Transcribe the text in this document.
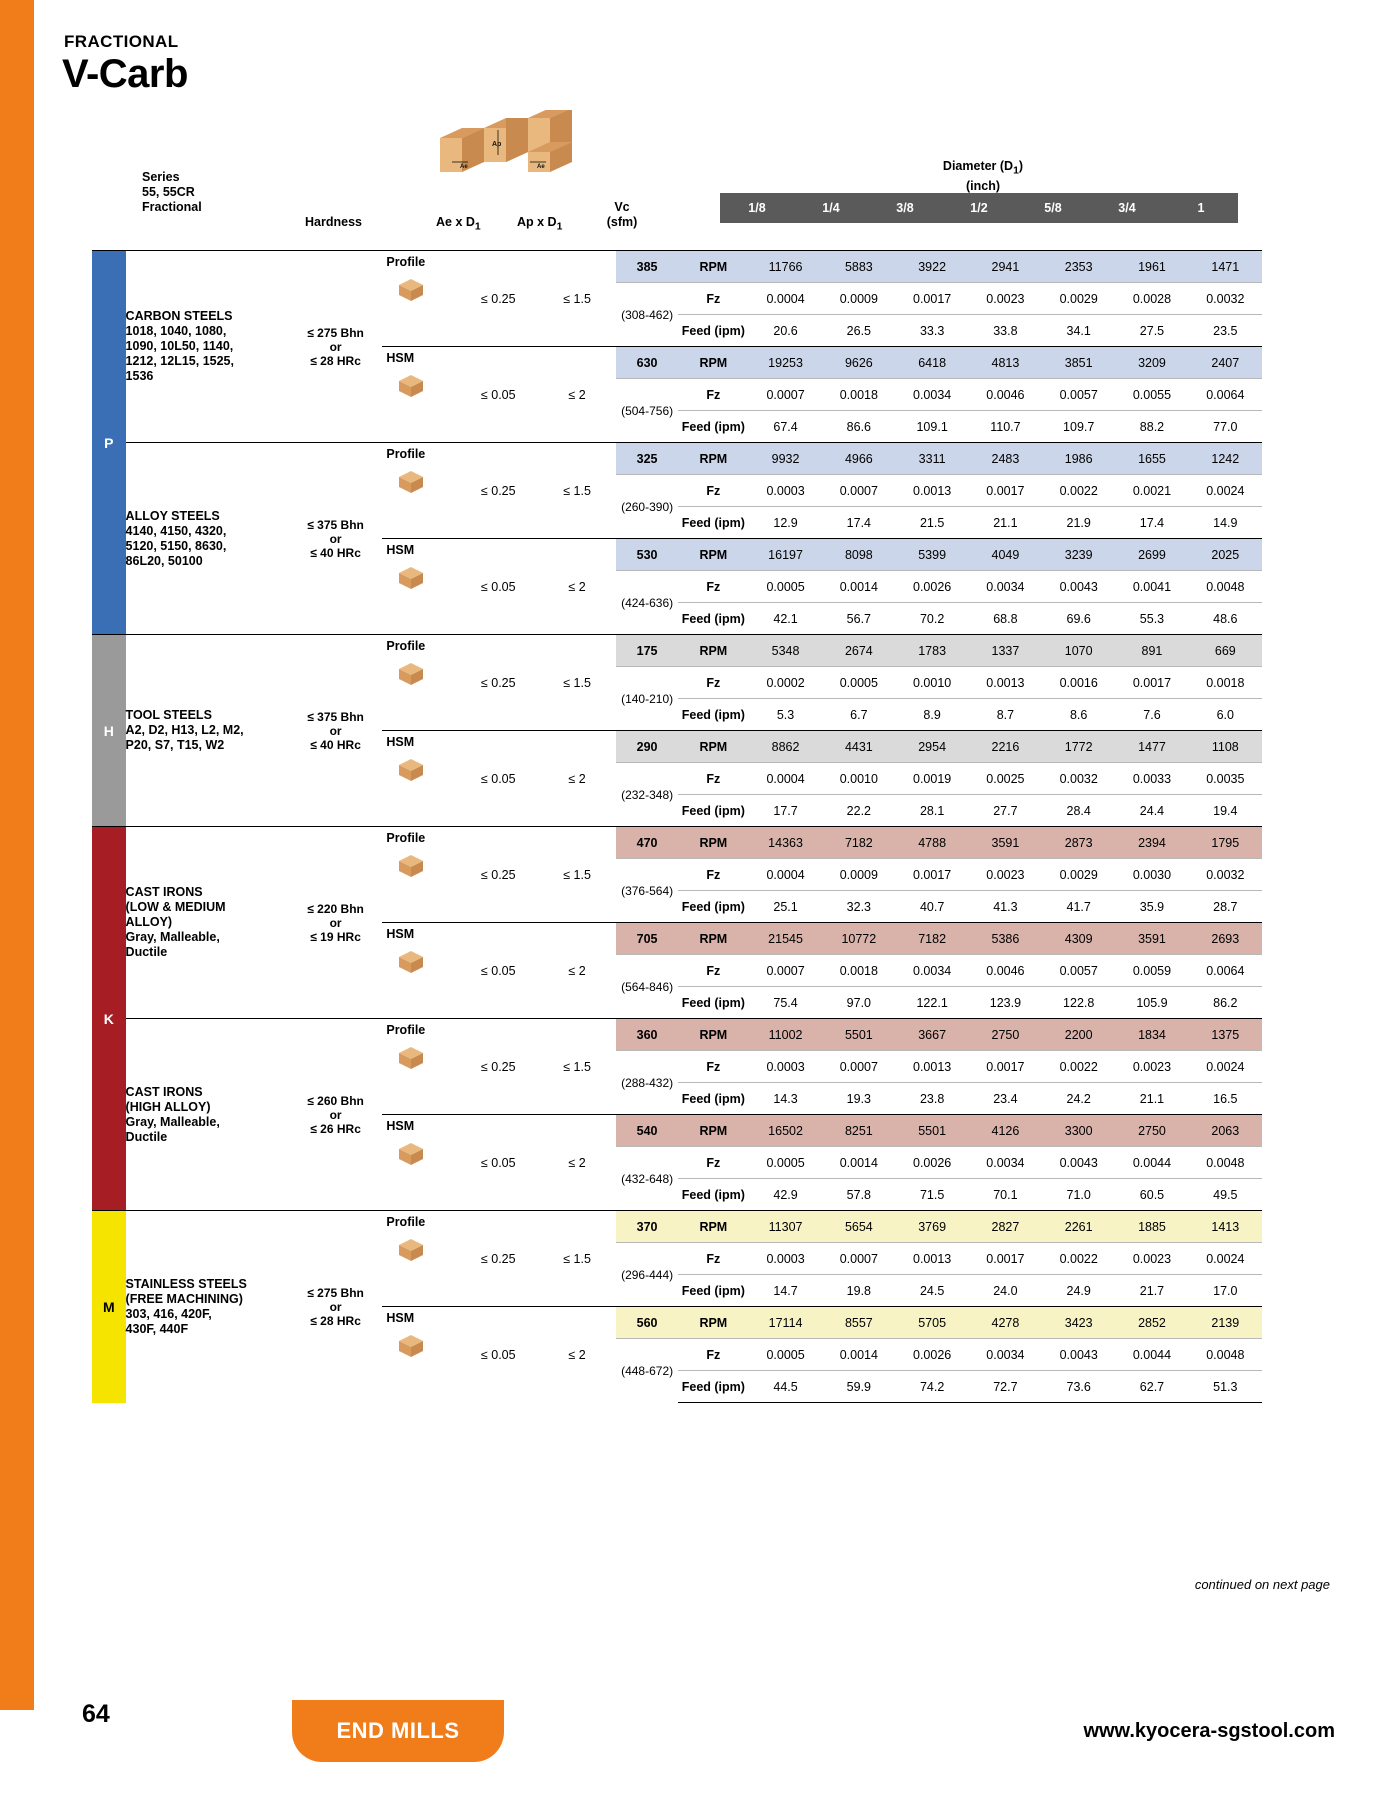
FRACTIONAL
V-Carb
Ap
Ae	Ae
Series
55, 55CR
Fractional
Hardness	Ae x $D_1$	Ap x $D_1$
Vc
(sfm)
Diameter $(D_1)$
(inch)
1/8	1/4	3/8	1/2	5/8	3/4	1
P	
CARBON STEELS
1018, 1040, 1080,
1090, 10L50, 1140,
1212, 12L15, 1525,
1536

≤ 275 Bhn
or
≤ 28 HRc

Profile
	≤ 0.25	≤ 1.5	385	RPM	11766	5883	3922	2941	2353	1961	1471
						(308-462)	Fz	0.0004	0.0009	0.0017	0.0023	0.0029	0.0028	0.0032
							Feed (ipm)	20.6	26.5	33.3	33.8	34.1	27.5	23.5

			HSM	≤ 0.05	≤ 2	630	RPM	19253	9626	6418	4813	3851	3209	2407
						(504-756)	Fz	0.0007	0.0018	0.0034	0.0046	0.0057	0.0055	0.0064
							Feed (ipm)	67.4	86.6	109.1	110.7	109.7	88.2	77.0

ALLOY STEELS
4140, 4150, 4320,
5120, 5150, 8630,
86L20, 50100

≤ 375 Bhn
or
≤ 40 HRc

Profile
	≤ 0.25	≤ 1.5	325	RPM	9932	4966	3311	2483	1986	1655	1242
						(260-390)	Fz	0.0003	0.0007	0.0013	0.0017	0.0022	0.0021	0.0024
							Feed (ipm)	12.9	17.4	21.5	21.1	21.9	17.4	14.9

			HSM	≤ 0.05	≤ 2	530	RPM	16197	8098	5399	4049	3239	2699	2025
						(424-636)	Fz	0.0005	0.0014	0.0026	0.0034	0.0043	0.0041	0.0048
							Feed (ipm)	42.1	56.7	70.2	68.8	69.6	55.3	48.6
H	
TOOL STEELS
A2, D2, H13, L2, M2,
P20, S7, T15, W2

≤ 375 Bhn
or
≤ 40 HRc

Profile
	≤ 0.25	≤ 1.5	175	RPM	5348	2674	1783	1337	1070	891	669
						(140-210)	Fz	0.0002	0.0005	0.0010	0.0013	0.0016	0.0017	0.0018
							Feed (ipm)	5.3	6.7	8.9	8.7	8.6	7.6	6.0

			HSM	≤ 0.05	≤ 2	290	RPM	8862	4431	2954	2216	1772	1477	1108
						(232-348)	Fz	0.0004	0.0010	0.0019	0.0025	0.0032	0.0033	0.0035
							Feed (ipm)	17.7	22.2	28.1	27.7	28.4	24.4	19.4
K	
CAST IRONS
(LOW & MEDIUM
ALLOY)
Gray, Malleable,
Ductile

≤ 220 Bhn
or
≤ 19 HRc

Profile
	≤ 0.25	≤ 1.5	470	RPM	14363	7182	4788	3591	2873	2394	1795
						(376-564)	Fz	0.0004	0.0009	0.0017	0.0023	0.0029	0.0030	0.0032
							Feed (ipm)	25.1	32.3	40.7	41.3	41.7	35.9	28.7

			HSM	≤ 0.05	≤ 2	705	RPM	21545	10772	7182	5386	4309	3591	2693
						(564-846)	Fz	0.0007	0.0018	0.0034	0.0046	0.0057	0.0059	0.0064
							Feed (ipm)	75.4	97.0	122.1	123.9	122.8	105.9	86.2

CAST IRONS
(HIGH ALLOY)
Gray, Malleable,
Ductile

≤ 260 Bhn
or
≤ 26 HRc

Profile
	≤ 0.25	≤ 1.5	360	RPM	11002	5501	3667	2750	2200	1834	1375
						(288-432)	Fz	0.0003	0.0007	0.0013	0.0017	0.0022	0.0023	0.0024
							Feed (ipm)	14.3	19.3	23.8	23.4	24.2	21.1	16.5

			HSM	≤ 0.05	≤ 2	540	RPM	16502	8251	5501	4126	3300	2750	2063
						(432-648)	Fz	0.0005	0.0014	0.0026	0.0034	0.0043	0.0044	0.0048
							Feed (ipm)	42.9	57.8	71.5	70.1	71.0	60.5	49.5
M	
STAINLESS STEELS
(FREE MACHINING)
303, 416, 420F,
430F, 440F

≤ 275 Bhn
or
≤ 28 HRc

Profile
	≤ 0.25	≤ 1.5	370	RPM	11307	5654	3769	2827	2261	1885	1413
						(296-444)	Fz	0.0003	0.0007	0.0013	0.0017	0.0022	0.0023	0.0024
							Feed (ipm)	14.7	19.8	24.5	24.0	24.9	21.7	17.0

			HSM	≤ 0.05	≤ 2	560	RPM	17114	8557	5705	4278	3423	2852	2139
						(448-672)	Fz	0.0005	0.0014	0.0026	0.0034	0.0043	0.0044	0.0048
							Feed (ipm)	44.5	59.9	74.2	72.7	73.6	62.7	51.3
continued on next page
64
END MILLS	www.kyocera-sgstool.com
